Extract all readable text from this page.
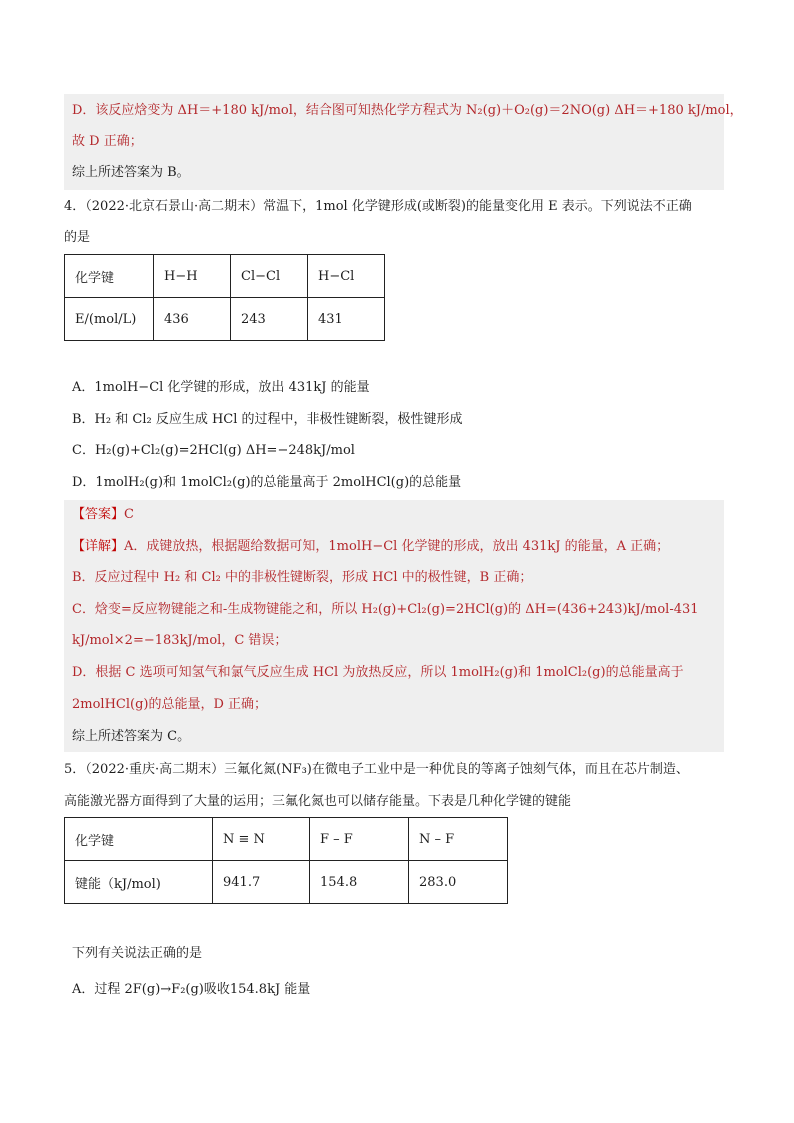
D．该反应焓变为 ΔH＝+180 kJ/mol，结合图可知热化学方程式为 N₂(g)＋O₂(g)＝2NO(g) ΔH＝+180 kJ/mol，
故 D 正确；
综上所述答案为 B。
4．（2022·北京石景山·高二期末）常温下，1mol 化学键形成(或断裂)的能量变化用 E 表示。下列说法不正确
的是
化学键	H−H	Cl−Cl	H−Cl
E/(mol/L)	436	243	431
A．1molH−Cl 化学键的形成，放出 431kJ 的能量
B．H₂ 和 Cl₂ 反应生成 HCl 的过程中，非极性键断裂，极性键形成
C．H₂(g)+Cl₂(g)=2HCl(g) ΔH=−248kJ/mol
D．1molH₂(g)和 1molCl₂(g)的总能量高于 2molHCl(g)的总能量
【答案】C
【详解】A．成键放热，根据题给数据可知，1molH−Cl 化学键的形成，放出 431kJ 的能量，A 正确；
B．反应过程中 H₂ 和 Cl₂ 中的非极性键断裂，形成 HCl 中的极性键，B 正确；
C．焓变=反应物键能之和-生成物键能之和，所以 H₂(g)+Cl₂(g)=2HCl(g)的 ΔH=(436+243)kJ/mol-431
kJ/mol×2=−183kJ/mol，C 错误；
D．根据 C 选项可知氢气和氯气反应生成 HCl 为放热反应，所以 1molH₂(g)和 1molCl₂(g)的总能量高于
2molHCl(g)的总能量，D 正确；
综上所述答案为 C。
5．（2022·重庆·高二期末）三氟化氮(NF₃)在微电子工业中是一种优良的等离子蚀刻气体，而且在芯片制造、
高能激光器方面得到了大量的运用；三氟化氮也可以储存能量。下表是几种化学键的键能
化学键	N ≡ N	F – F	N – F
键能（kJ/mol)	941.7	154.8	283.0
下列有关说法正确的是
A．过程 2F(g)→F₂(g)吸收154.8kJ 能量
